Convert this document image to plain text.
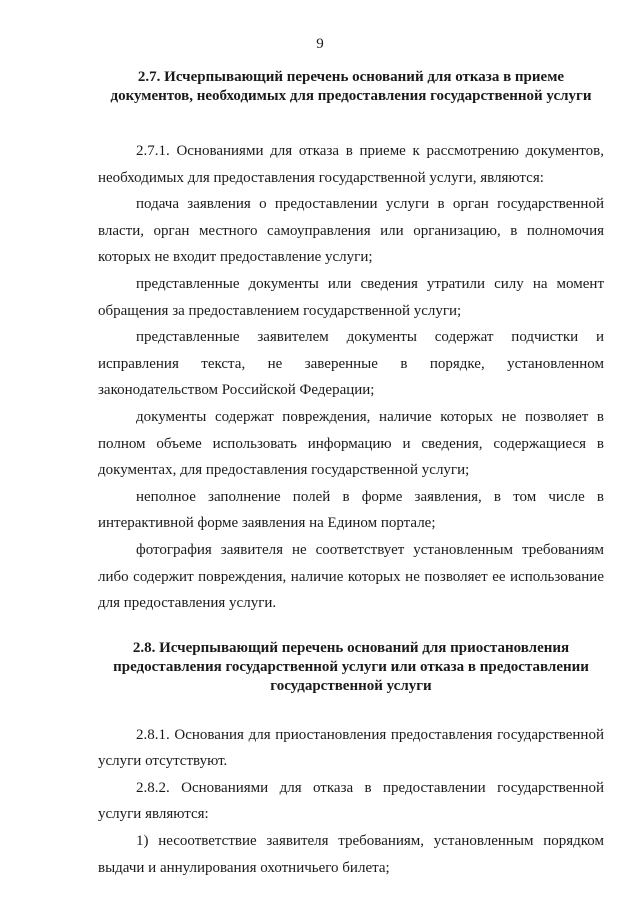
9

2.7. Исчерпывающий перечень оснований для отказа в приеме
документов, необходимых для предоставления государственной услуги

2.7.1. Основаниями для отказа в приеме к рассмотрению документов, необходимых для предоставления государственной услуги, являются:

подача заявления о предоставлении услуги в орган государственной власти, орган местного самоуправления или организацию, в полномочия которых не входит предоставление услуги;

представленные документы или сведения утратили силу на момент обращения за предоставлением государственной услуги;

представленные заявителем документы содержат подчистки и исправления текста, не заверенные в порядке, установленном законодательством Российской Федерации;

документы содержат повреждения, наличие которых не позволяет в полном объеме использовать информацию и сведения, содержащиеся в документах, для предоставления государственной услуги;

неполное заполнение полей в форме заявления, в том числе в интерактивной форме заявления на Едином портале;

фотография заявителя не соответствует установленным требованиям либо содержит повреждения, наличие которых не позволяет ее использование для предоставления услуги.

2.8. Исчерпывающий перечень оснований для приостановления
предоставления государственной услуги или отказа в предоставлении
государственной услуги

2.8.1. Основания для приостановления предоставления государственной услуги отсутствуют.

2.8.2. Основаниями для отказа в предоставлении государственной услуги являются:

1) несоответствие заявителя требованиям, установленным порядком выдачи и аннулирования охотничьего билета;
